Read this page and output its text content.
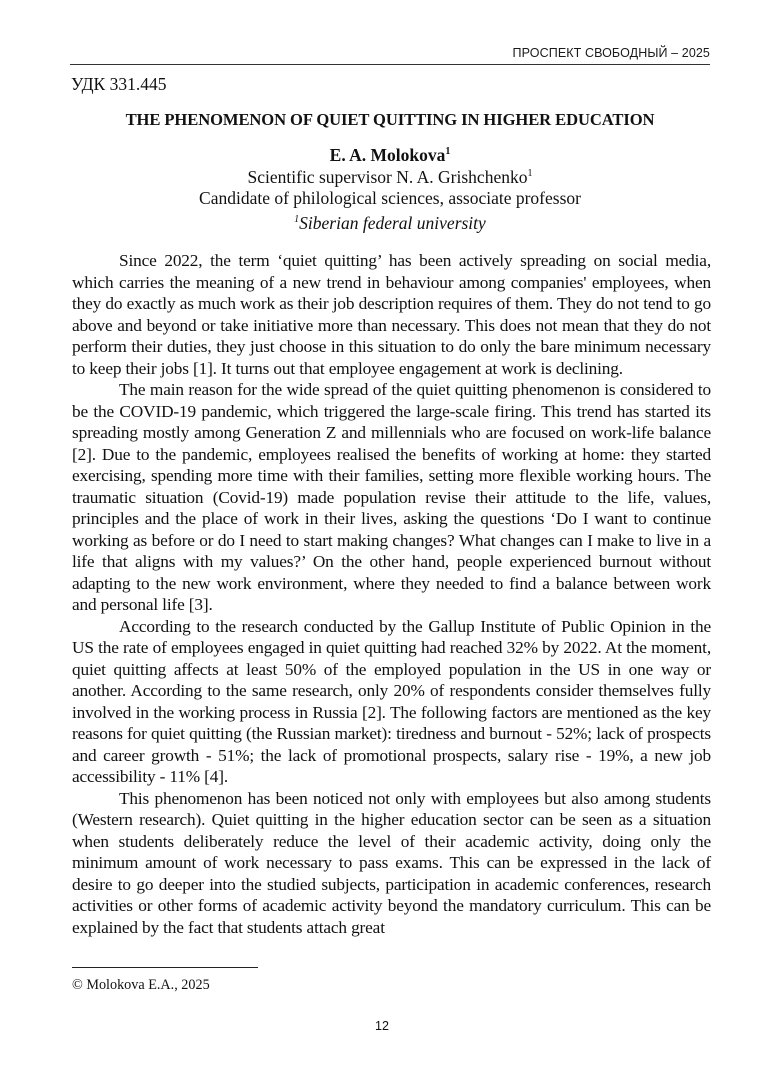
ПРОСПЕКТ СВОБОДНЫЙ – 2025
УДК 331.445
THE PHENOMENON OF QUIET QUITTING IN HIGHER EDUCATION
E. A. Molokova$^1$
Scientific supervisor N. A. Grishchenko$^1$
Candidate of philological sciences, associate professor
$^1$Siberian federal university

Since 2022, the term ‘quiet quitting’ has been actively spreading on social media, which carries the meaning of a new trend in behaviour among companies' employees, when they do exactly as much work as their job description requires of them. They do not tend to go above and beyond or take initiative more than necessary. This does not mean that they do not perform their duties, they just choose in this situation to do only the bare minimum necessary to keep their jobs [1]. It turns out that employee engagement at work is declining.

The main reason for the wide spread of the quiet quitting phenomenon is considered to be the COVID-19 pandemic, which triggered the large-scale firing. This trend has started its spreading mostly among Generation Z and millennials who are focused on work-life balance [2]. Due to the pandemic, employees realised the benefits of working at home: they started exercising, spending more time with their families, setting more flexible working hours. The traumatic situation (Covid-19) made population revise their attitude to the life, values, principles and the place of work in their lives, asking the questions ‘Do I want to continue working as before or do I need to start making changes? What changes can I make to live in a life that aligns with my values?’ On the other hand, people experienced burnout without adapting to the new work environment, where they needed to find a balance between work and personal life [3].

According to the research conducted by the Gallup Institute of Public Opinion in the US the rate of employees engaged in quiet quitting had reached 32% by 2022. At the moment, quiet quitting affects at least 50% of the employed population in the US in one way or another. According to the same research, only 20% of respondents consider themselves fully involved in the working process in Russia [2]. The following factors are mentioned as the key reasons for quiet quitting (the Russian market): tiredness and burnout - 52%; lack of prospects and career growth - 51%; the lack of promotional prospects, salary rise - 19%, a new job accessibility - 11% [4].

This phenomenon has been noticed not only with employees but also among students (Western research). Quiet quitting in the higher education sector can be seen as a situation when students deliberately reduce the level of their academic activity, doing only the minimum amount of work necessary to pass exams. This can be expressed in the lack of desire to go deeper into the studied subjects, participation in academic conferences, research activities or other forms of academic activity beyond the mandatory curriculum. This can be explained by the fact that students attach great

© Molokova E.A., 2025
12
